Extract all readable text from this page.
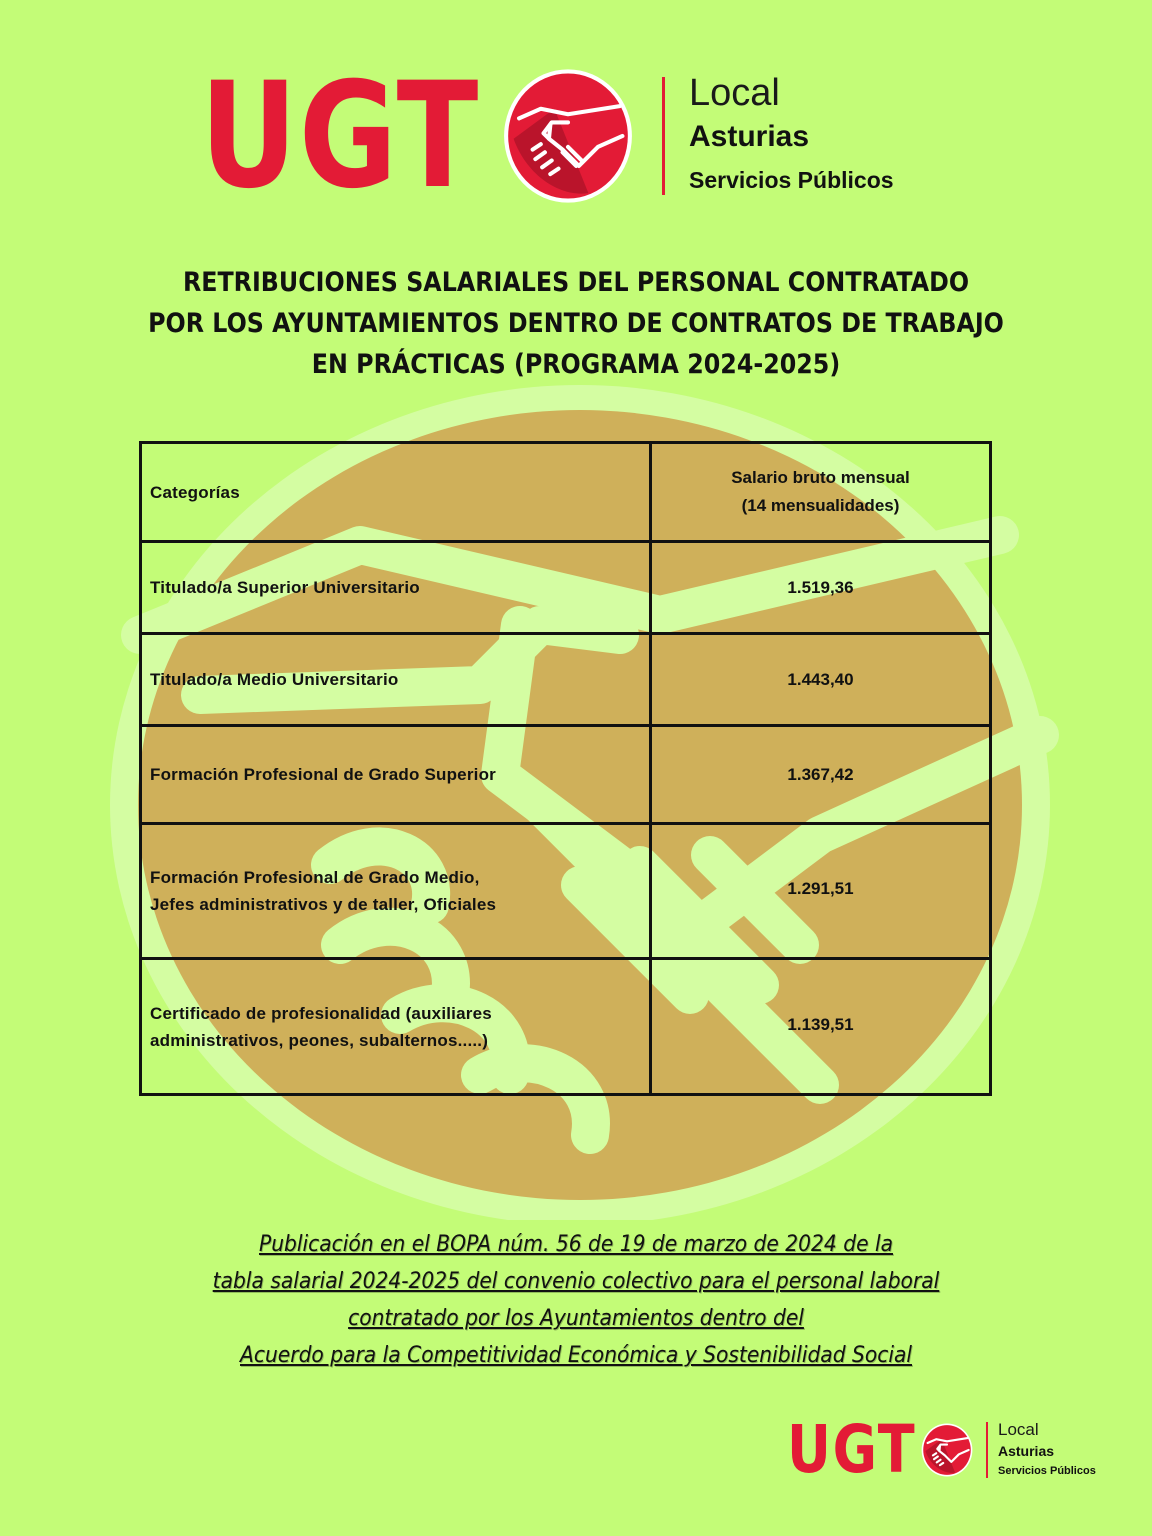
UGT	Local
Asturias
Servicios Públicos
RETRIBUCIONES SALARIALES DEL PERSONAL CONTRATADO
POR LOS AYUNTAMIENTOS DENTRO DE CONTRATOS DE TRABAJO
EN PRÁCTICAS (PROGRAMA 2024-2025)
Categorías	Salario bruto mensual
(14 mensualidades)

Titulado/a Superior Universitario	1.519,36

Titulado/a Medio Universitario	1.443,40

Formación Profesional de Grado Superior	1.367,42

Formación Profesional de Grado Medio,
Jefes administrativos y de taller, Oficiales	1.291,51

Certificado de profesionalidad (auxiliares
administrativos, peones, subalternos.....)	1.139,51

Publicación en el BOPA núm. 56 de 19 de marzo de 2024 de la
tabla salarial 2024-2025 del convenio colectivo para el personal laboral
contratado por los Ayuntamientos dentro del
Acuerdo para la Competitividad Económica y Sostenibilidad Social

UGT	Local
Asturias
Servicios Públicos
